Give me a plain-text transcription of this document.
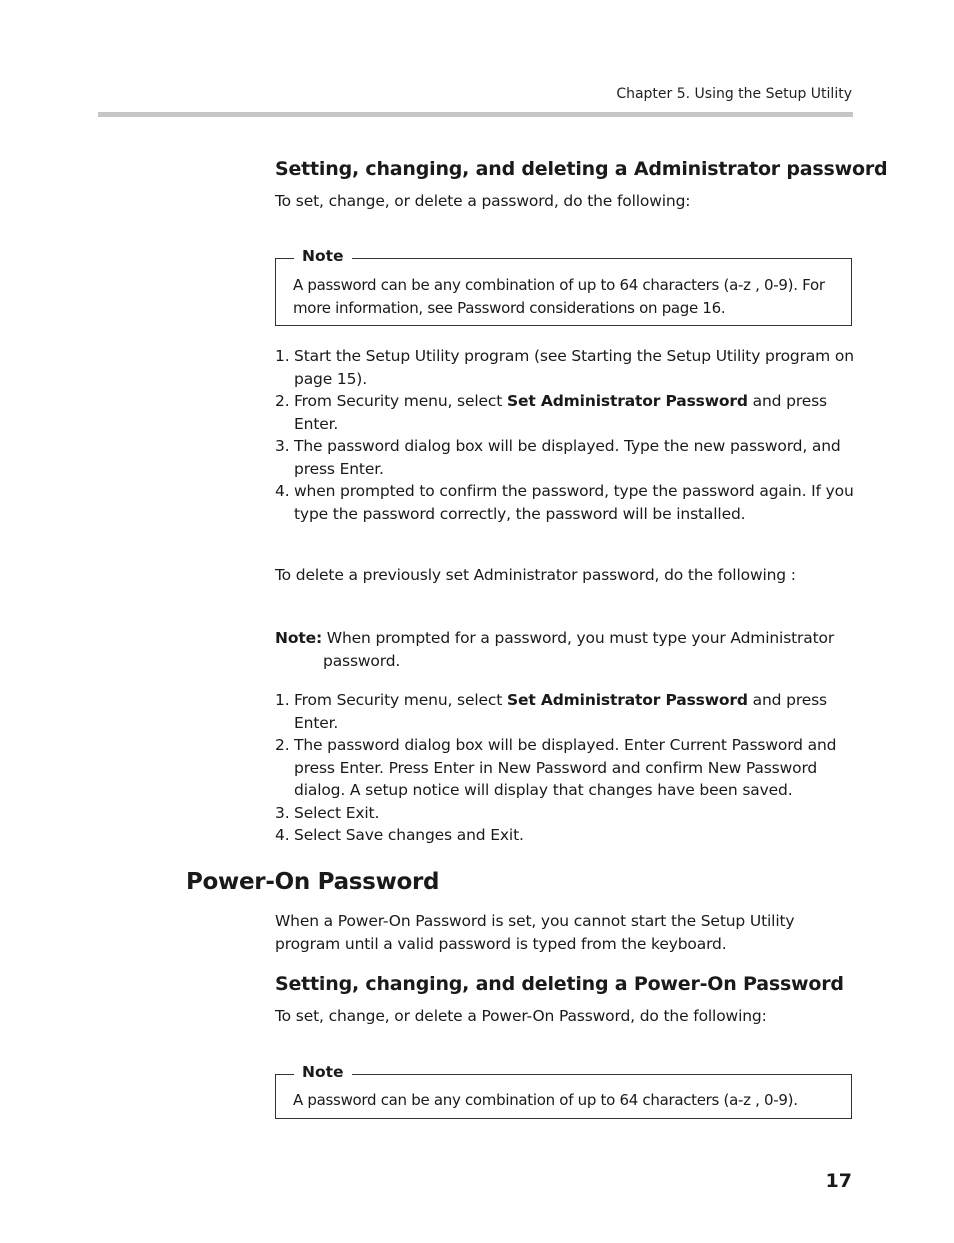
Chapter 5. Using the Setup Utility
Setting, changing, and deleting a Administrator password
To set, change, or delete a password, do the following:
Note
A password can be any combination of up to 64 characters (a-z , 0-9). For more information, see Password considerations on page 16.
1. Start the Setup Utility program (see Starting the Setup Utility program on page 15).
2. From Security menu, select Set Administrator Password and press Enter.
3. The password dialog box will be displayed. Type the new password, and press Enter.
4. when prompted to confirm the password, type the password again. If you type the password correctly, the password will be installed.
To delete a previously set Administrator password, do the following :
Note: When prompted for a password, you must type your Administrator password.
1. From Security menu, select Set Administrator Password and press Enter.
2. The password dialog box will be displayed. Enter Current Password and press Enter. Press Enter in New Password and confirm New Password dialog. A setup notice will display that changes have been saved.
3. Select Exit.
4. Select Save changes and Exit.
Power-On Password
When a Power-On Password is set, you cannot start the Setup Utility program until a valid password is typed from the keyboard.
Setting, changing, and deleting a Power-On Password
To set, change, or delete a Power-On Password, do the following:
Note
A password can be any combination of up to 64 characters (a-z , 0-9).
17
